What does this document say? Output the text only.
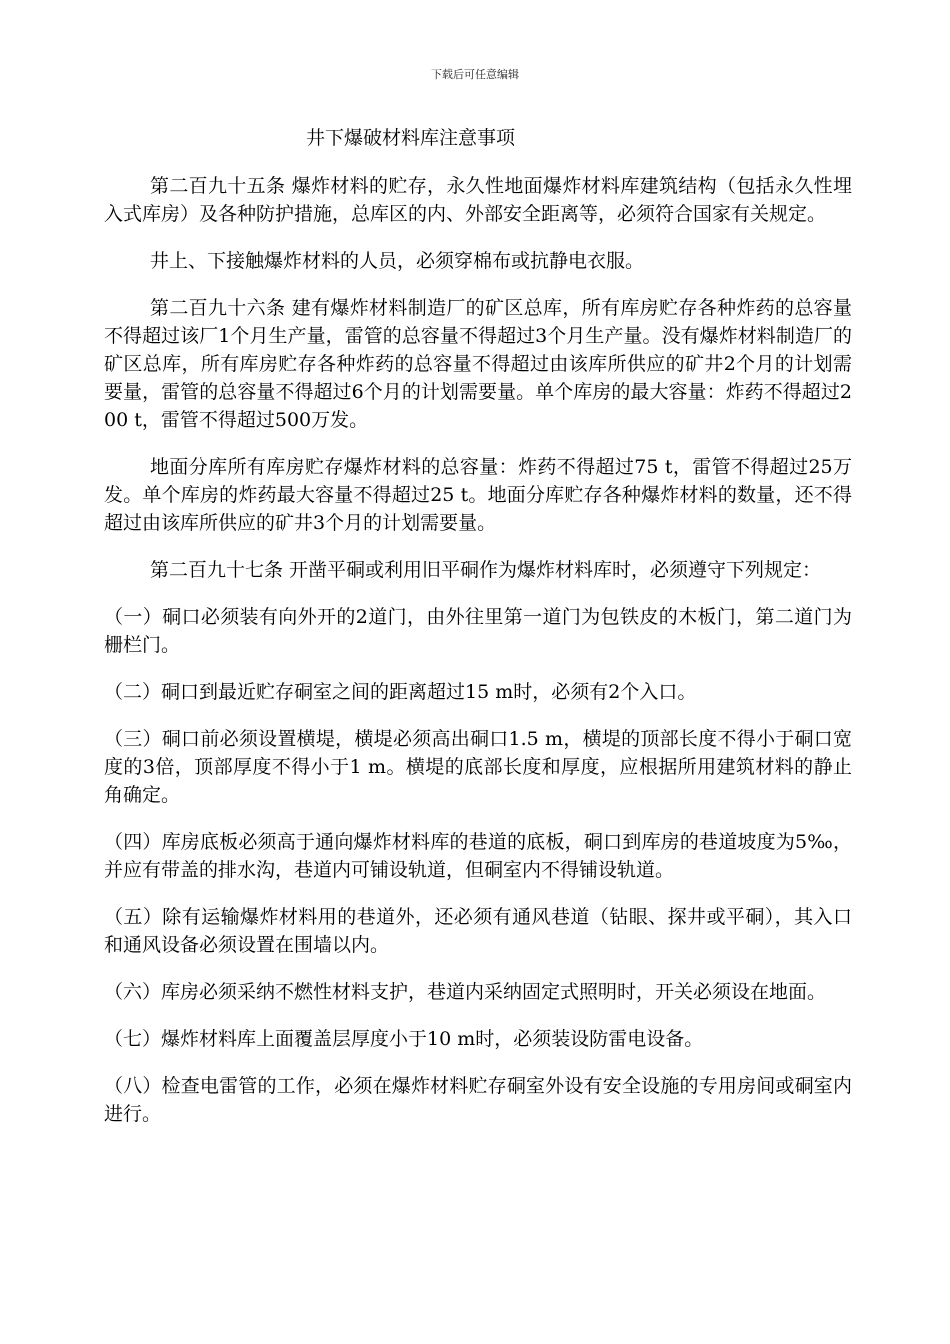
下载后可任意编辑
井下爆破材料库注意事项

第二百九十五条 爆炸材料的贮存，永久性地面爆炸材料库建筑结构（包括永久性埋入式库房）及各种防护措施，总库区的内、外部安全距离等，必须符合国家有关规定。

井上、下接触爆炸材料的人员，必须穿棉布或抗静电衣服。

第二百九十六条 建有爆炸材料制造厂的矿区总库，所有库房贮存各种炸药的总容量不得超过该厂1个月生产量，雷管的总容量不得超过3个月生产量。没有爆炸材料制造厂的矿区总库，所有库房贮存各种炸药的总容量不得超过由该库所供应的矿井2个月的计划需要量，雷管的总容量不得超过6个月的计划需要量。单个库房的最大容量：炸药不得超过200 t，雷管不得超过500万发。

地面分库所有库房贮存爆炸材料的总容量：炸药不得超过75 t，雷管不得超过25万发。单个库房的炸药最大容量不得超过25 t。地面分库贮存各种爆炸材料的数量，还不得超过由该库所供应的矿井3个月的计划需要量。

第二百九十七条 开凿平硐或利用旧平硐作为爆炸材料库时，必须遵守下列规定：

（一）硐口必须装有向外开的2道门，由外往里第一道门为包铁皮的木板门，第二道门为栅栏门。

（二）硐口到最近贮存硐室之间的距离超过15 m时，必须有2个入口。

（三）硐口前必须设置横堤，横堤必须高出硐口1.5 m，横堤的顶部长度不得小于硐口宽度的3倍，顶部厚度不得小于1 m。横堤的底部长度和厚度，应根据所用建筑材料的静止角确定。

（四）库房底板必须高于通向爆炸材料库的巷道的底板，硐口到库房的巷道坡度为5‰，并应有带盖的排水沟，巷道内可铺设轨道，但硐室内不得铺设轨道。

（五）除有运输爆炸材料用的巷道外，还必须有通风巷道（钻眼、探井或平硐），其入口和通风设备必须设置在围墙以内。

（六）库房必须采纳不燃性材料支护，巷道内采纳固定式照明时，开关必须设在地面。

（七）爆炸材料库上面覆盖层厚度小于10 m时，必须装设防雷电设备。

（八）检查电雷管的工作，必须在爆炸材料贮存硐室外设有安全设施的专用房间或硐室内进行。
